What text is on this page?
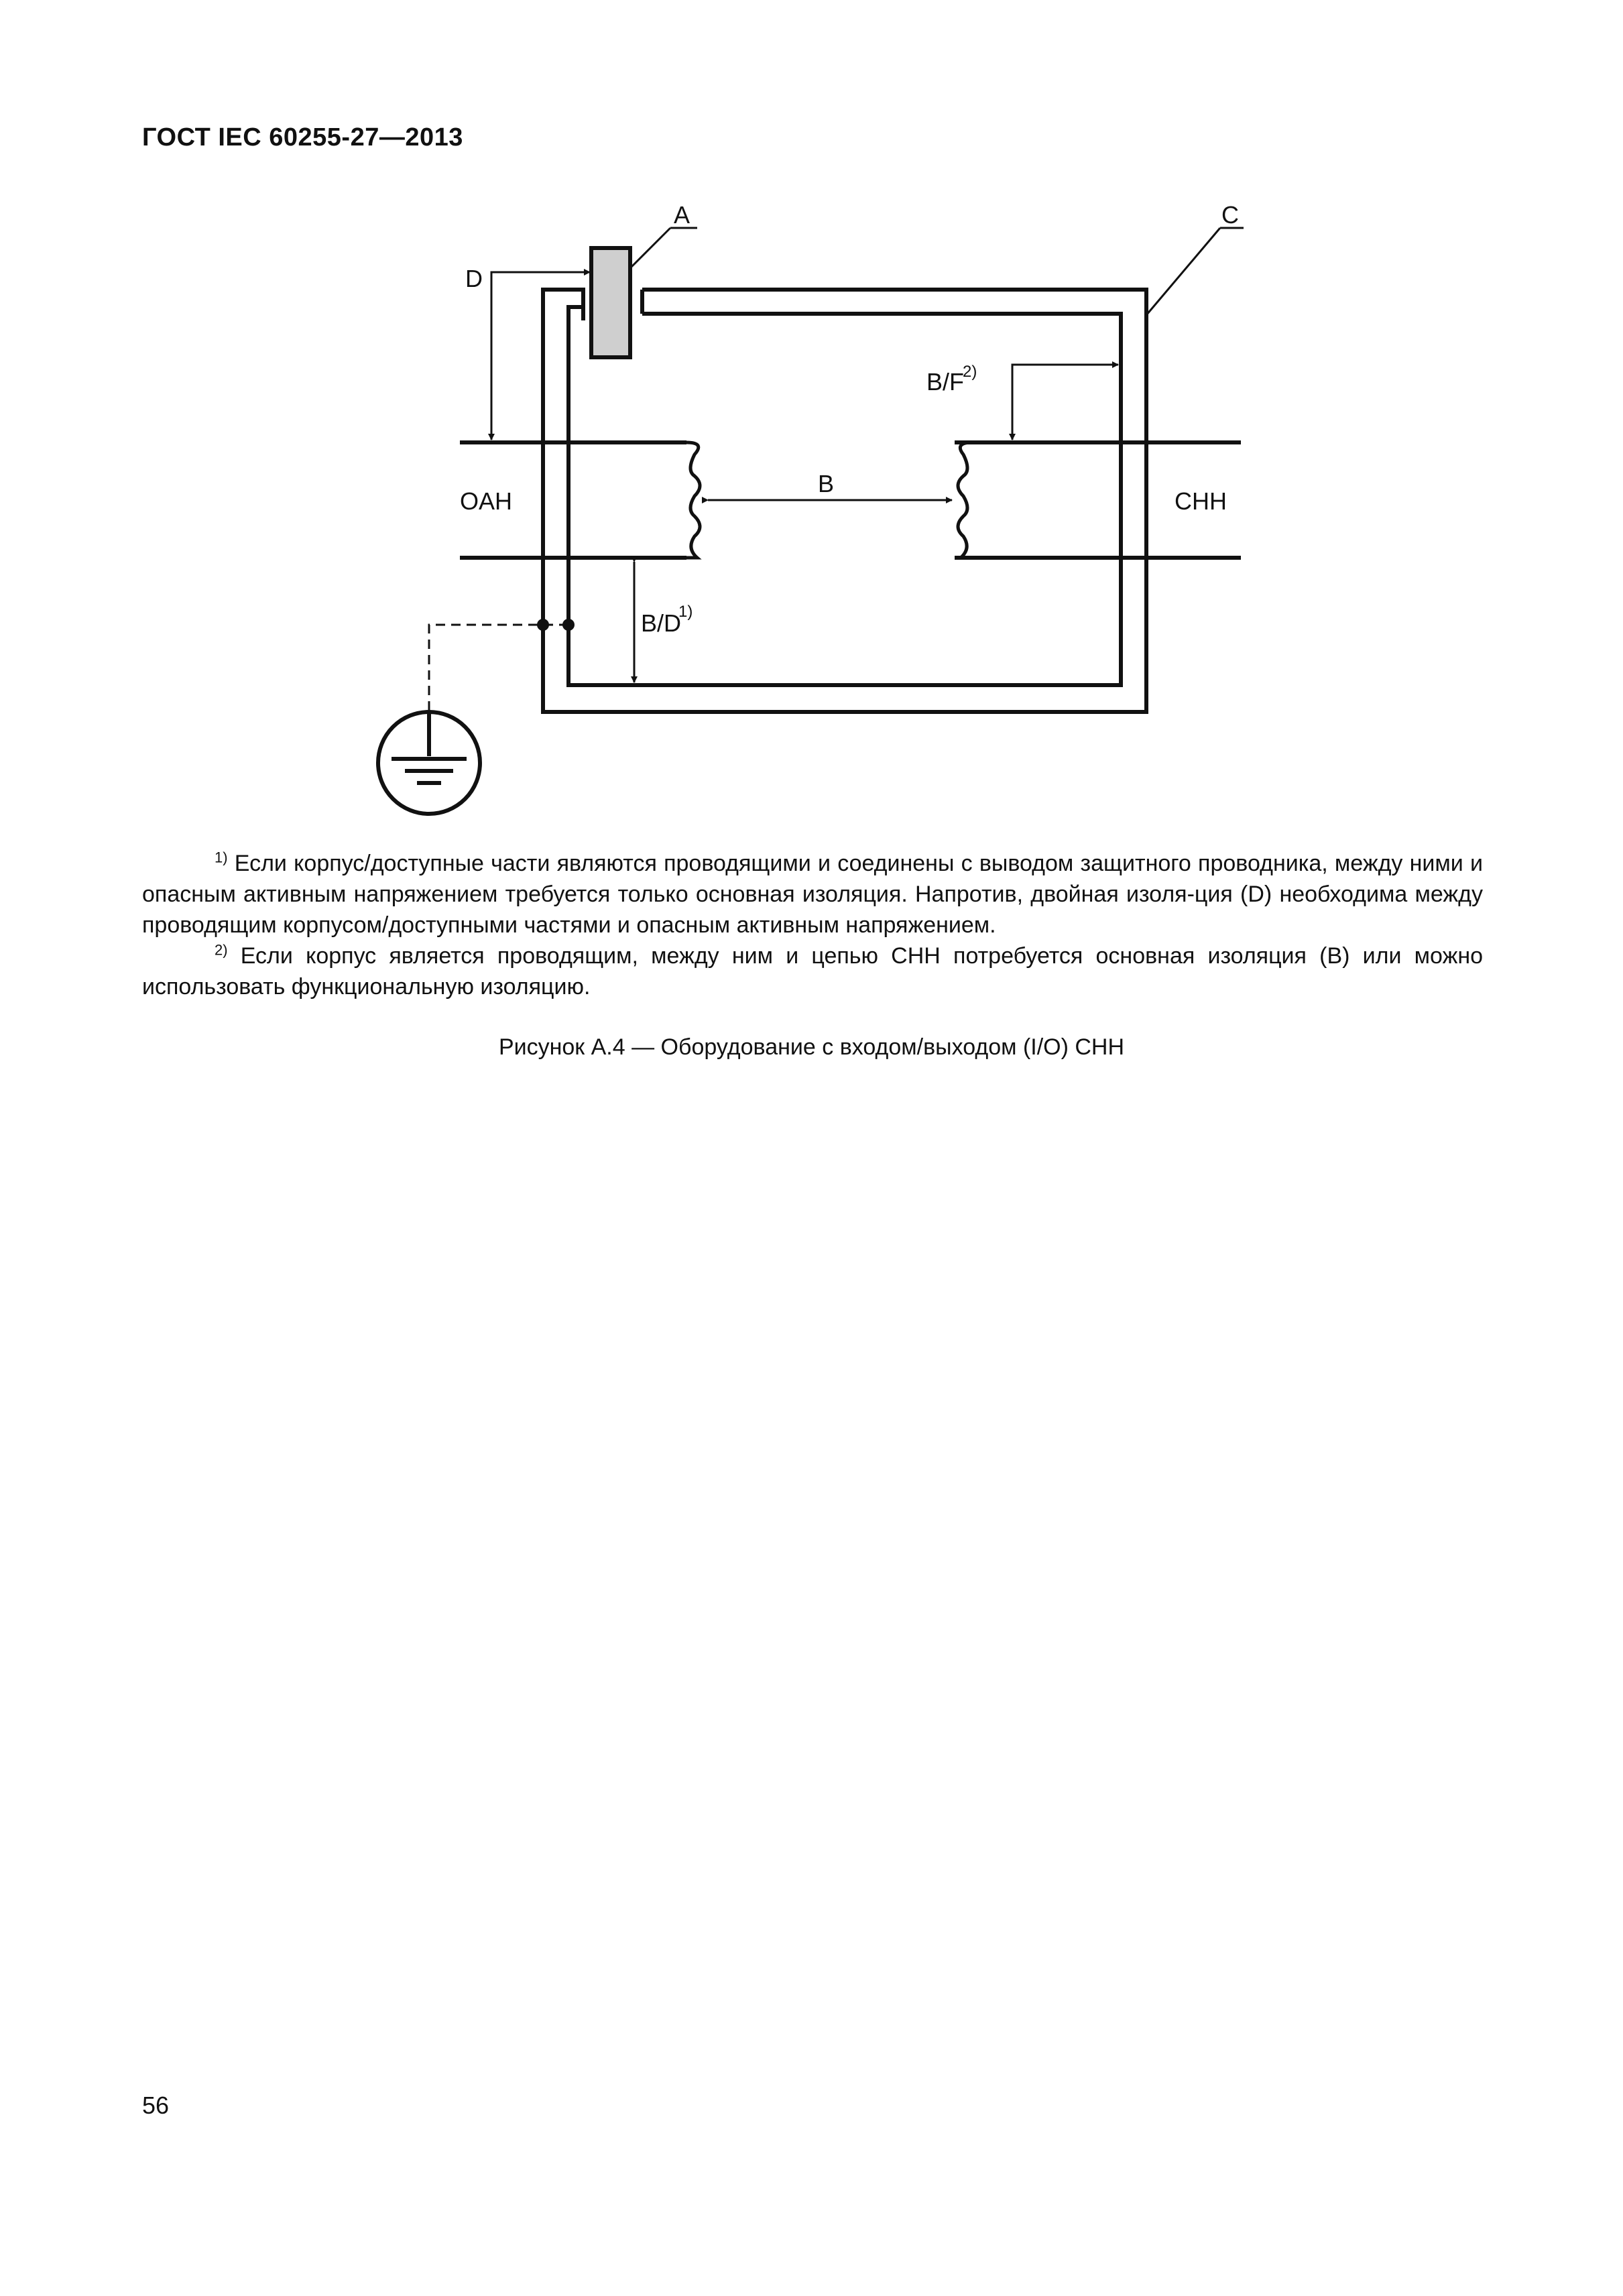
ГОСТ IEC 60255-27—2013
A	C
D
B/F
2)
B
OAH	CHH
B/D
1)

$^{1)}$ Если корпус/доступные части являются проводящими и соединены с выводом защитного проводника, между ними и опасным активным напряжением требуется только основная изоляция. Напротив, двойная изоля-ция (D) необходима между проводящим корпусом/доступными частями и опасным активным напряжением.

$^{2)}$ Если корпус является проводящим, между ним и цепью CHH потребуется основная изоляция (B) или можно использовать функциональную изоляцию.

Рисунок А.4 — Оборудование с входом/выходом (I/O) CHH
56
